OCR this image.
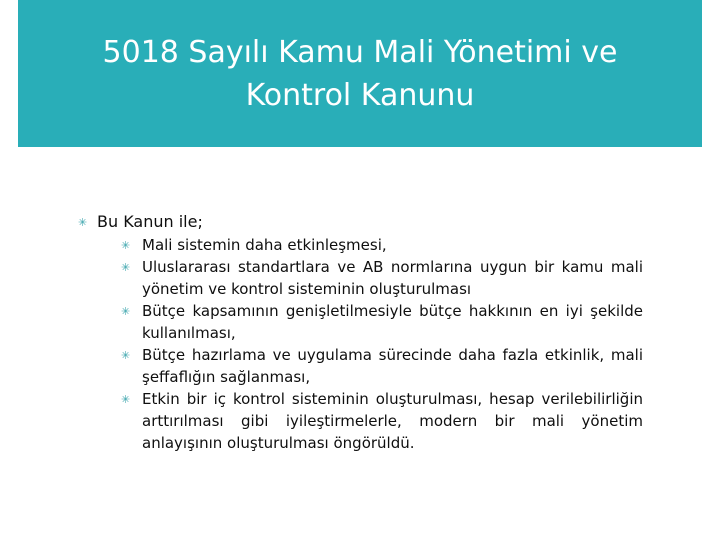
5018 Sayılı Kamu Mali Yönetimi ve Kontrol Kanunu
✳ Bu Kanun ile;
✳ Mali sistemin daha etkinleşmesi,
✳ Uluslararası standartlara ve AB normlarına uygun bir kamu mali yönetim ve kontrol sisteminin oluşturulması
✳ Bütçe kapsamının genişletilmesiyle bütçe hakkının en iyi şekilde kullanılması,
✳ Bütçe hazırlama ve uygulama sürecinde daha fazla etkinlik, mali şeffaflığın sağlanması,
✳ Etkin bir iç kontrol sisteminin oluşturulması, hesap verilebilirliğin arttırılması gibi iyileştirmelerle, modern bir mali yönetim anlayışının oluşturulması öngörüldü.
